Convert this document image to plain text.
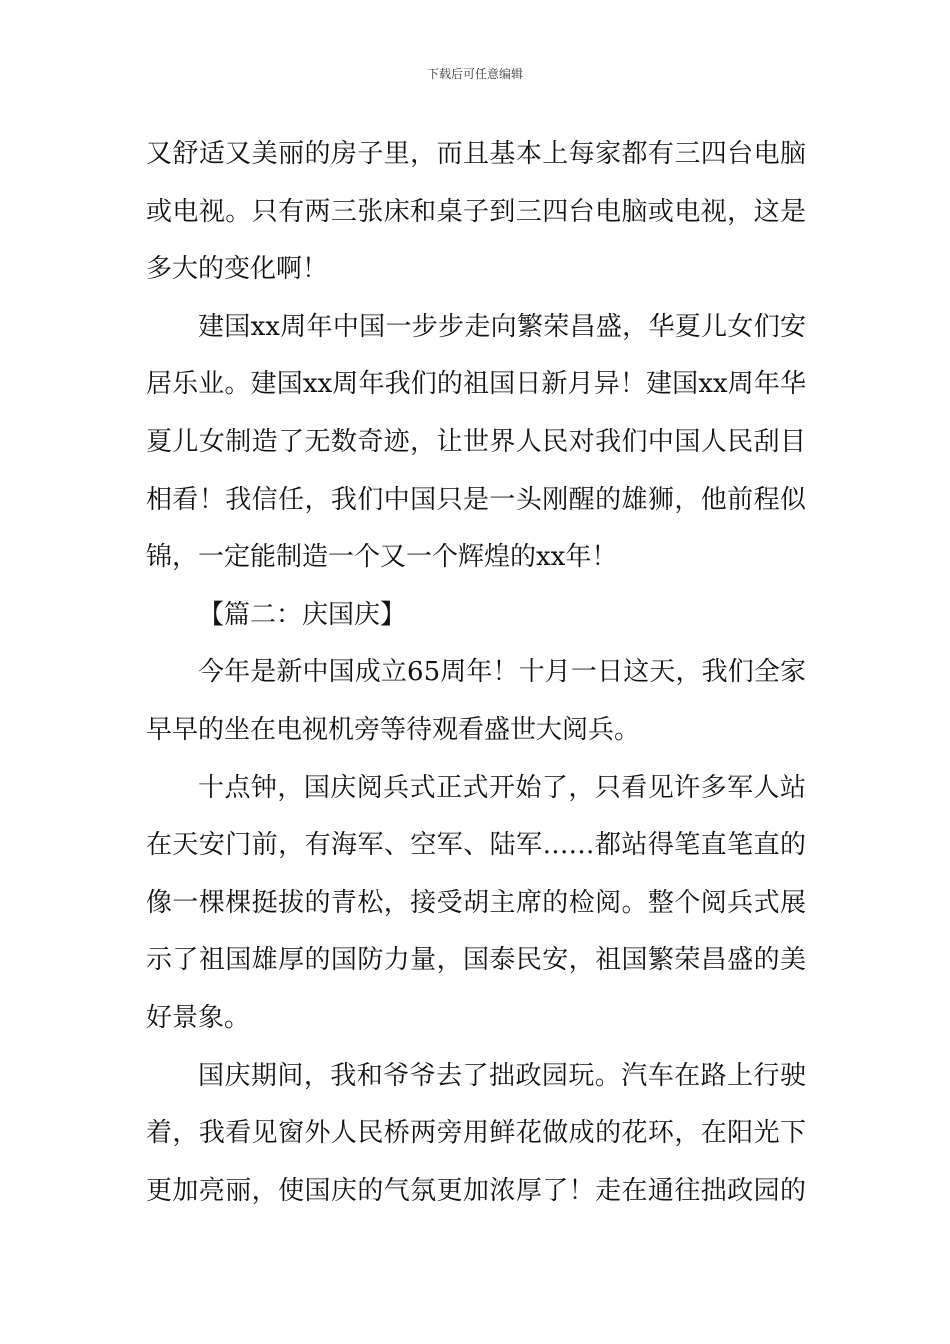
下载后可任意编辑
又舒适又美丽的房子里，而且基本上每家都有三四台电脑
或电视。只有两三张床和桌子到三四台电脑或电视，这是
多大的变化啊！
建国xx周年中国一步步走向繁荣昌盛，华夏儿女们安
居乐业。建国xx周年我们的祖国日新月异！建国xx周年华
夏儿女制造了无数奇迹，让世界人民对我们中国人民刮目
相看！我信任，我们中国只是一头刚醒的雄狮，他前程似
锦，一定能制造一个又一个辉煌的xx年！
【篇二：庆国庆】
今年是新中国成立65周年！十月一日这天，我们全家
早早的坐在电视机旁等待观看盛世大阅兵。
十点钟，国庆阅兵式正式开始了，只看见许多军人站
在天安门前，有海军、空军、陆军……都站得笔直笔直的
像一棵棵挺拔的青松，接受胡主席的检阅。整个阅兵式展
示了祖国雄厚的国防力量，国泰民安，祖国繁荣昌盛的美
好景象。
国庆期间，我和爷爷去了拙政园玩。汽车在路上行驶
着，我看见窗外人民桥两旁用鲜花做成的花环，在阳光下
更加亮丽，使国庆的气氛更加浓厚了！走在通往拙政园的
